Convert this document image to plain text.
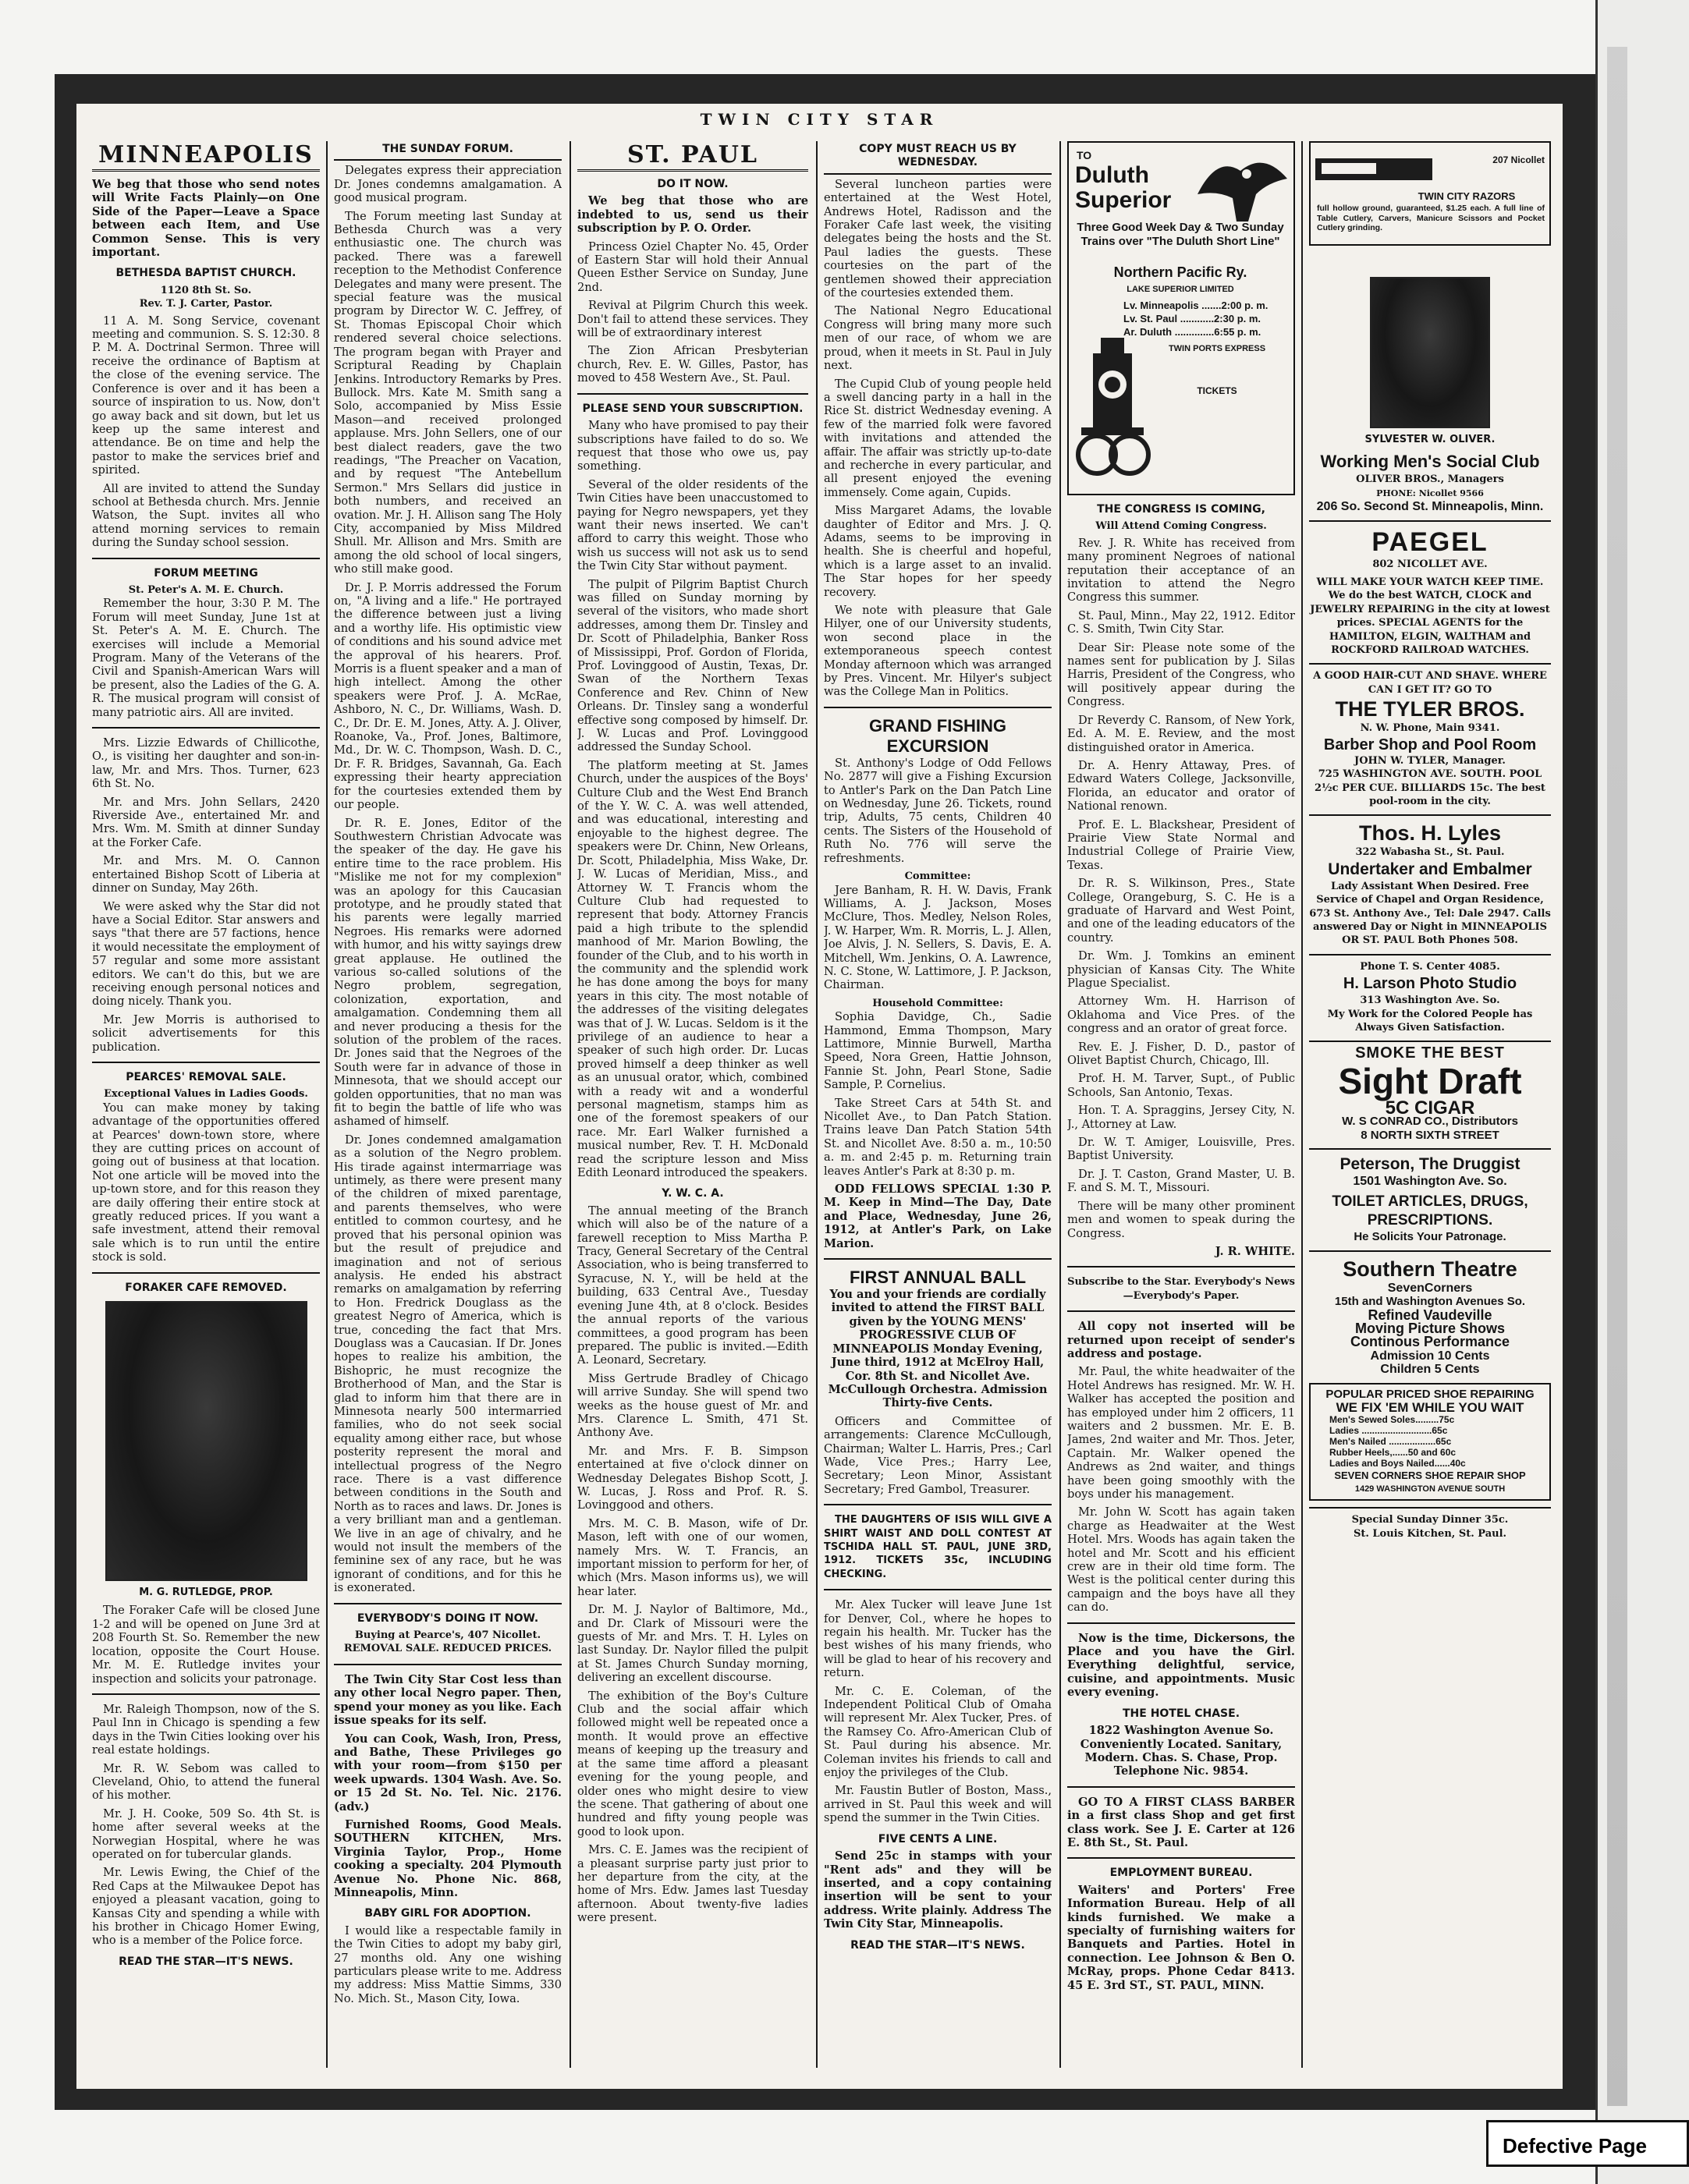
TWIN CITY STAR
MINNEAPOLIS

We beg that those who send notes will Write Facts Plainly—on One Side of the Paper—Leave a Space between each Item, and Use Common Sense. This is very important.

BETHESDA BAPTIST CHURCH.
1120 8th St. So.
Rev. T. J. Carter, Pastor.

11 A. M. Song Service, covenant meeting and communion. S. S. 12:30. 8 P. M. A. Doctrinal Sermon. Three will receive the ordinance of Baptism at the close of the evening service. The Conference is over and it has been a source of inspiration to us. Now, don't go away back and sit down, but let us keep up the same interest and attendance. Be on time and help the pastor to make the services brief and spirited.

All are invited to attend the Sunday school at Bethesda church. Mrs. Jennie Watson, the Supt. invites all who attend morning services to remain during the Sunday school session.

FORUM MEETING
St. Peter's A. M. E. Church.

Remember the hour, 3:30 P. M. The Forum will meet Sunday, June 1st at St. Peter's A. M. E. Church. The exercises will include a Memorial Program. Many of the Veterans of the Civil and Spanish-American Wars will be present, also the Ladies of the G. A. R. The musical program will consist of many patriotic airs. All are invited.

Mrs. Lizzie Edwards of Chillicothe, O., is visiting her daughter and son-in-law, Mr. and Mrs. Thos. Turner, 623 6th St. No.

Mr. and Mrs. John Sellars, 2420 Riverside Ave., entertained Mr. and Mrs. Wm. M. Smith at dinner Sunday at the Forker Cafe.

Mr. and Mrs. M. O. Cannon entertained Bishop Scott of Liberia at dinner on Sunday, May 26th.

We were asked why the Star did not have a Social Editor. Star answers and says "that there are 57 factions, hence it would necessitate the employment of 57 regular and some more assistant editors. We can't do this, but we are receiving enough personal notices and doing nicely. Thank you.

Mr. Jew Morris is authorised to solicit advertisements for this publication.

PEARCES' REMOVAL SALE.
Exceptional Values in Ladies Goods.

You can make money by taking advantage of the opportunities offered at Pearces' down-town store, where they are cutting prices on account of going out of business at that location. Not one article will be moved into the up-town store, and for this reason they are daily offering their entire stock at greatly reduced prices. If you want a safe investment, attend their removal sale which is to run until the entire stock is sold.

FORAKER CAFE REMOVED.
M. G. RUTLEDGE, PROP.

The Foraker Cafe will be closed June 1-2 and will be opened on June 3rd at 208 Fourth St. So. Remember the new location, opposite the Court House. Mr. M. E. Rutledge invites your inspection and solicits your patronage.

Mr. Raleigh Thompson, now of the S. Paul Inn in Chicago is spending a few days in the Twin Cities looking over his real estate holdings.

Mr. R. W. Sebom was called to Cleveland, Ohio, to attend the funeral of his mother.

Mr. J. H. Cooke, 509 So. 4th St. is home after several weeks at the Norwegian Hospital, where he was operated on for tubercular glands.

Mr. Lewis Ewing, the Chief of the Red Caps at the Milwaukee Depot has enjoyed a pleasant vacation, going to Kansas City and spending a while with his brother in Chicago Homer Ewing, who is a member of the Police force.

READ THE STAR—IT'S NEWS.
THE SUNDAY FORUM.

Delegates express their appreciation Dr. Jones condemns amalgamation. A good musical program.

The Forum meeting last Sunday at Bethesda Church was a very enthusiastic one. The church was packed. There was a farewell reception to the Methodist Conference Delegates and many were present. The special feature was the musical program by Director W. C. Jeffrey, of St. Thomas Episcopal Choir which rendered several choice selections. The program began with Prayer and Scriptural Reading by Chaplain Jenkins. Introductory Remarks by Pres. Bullock. Mrs. Kate M. Smith sang a Solo, accompanied by Miss Essie Mason—and received prolonged applause. Mrs. John Sellers, one of our best dialect readers, gave the two readings, "The Preacher on Vacation, and by request "The Antebellum Sermon." Mrs Sellars did justice in both numbers, and received an ovation. Mr. J. H. Allison sang The Holy City, accompanied by Miss Mildred Shull. Mr. Allison and Mrs. Smith are among the old school of local singers, who still make good.

Dr. J. P. Morris addressed the Forum on, "A living and a life." He portrayed the difference between just a living and a worthy life. His optimistic view of conditions and his sound advice met the approval of his hearers. Prof. Morris is a fluent speaker and a man of high intellect. Among the other speakers were Prof. J. A. McRae, Ashboro, N. C., Dr. Williams, Wash. D. C., Dr. Dr. E. M. Jones, Atty. A. J. Oliver, Roanoke, Va., Prof. Jones, Baltimore, Md., Dr. W. C. Thompson, Wash. D. C., Dr. F. R. Bridges, Savannah, Ga. Each expressing their hearty appreciation for the courtesies extended them by our people.

Dr. R. E. Jones, Editor of the Southwestern Christian Advocate was the speaker of the day. He gave his entire time to the race problem. His "Mislike me not for my complexion" was an apology for this Caucasian prototype, and he proudly stated that his parents were legally married Negroes. His remarks were adorned with humor, and his witty sayings drew great applause. He outlined the various so-called solutions of the Negro problem, segregation, colonization, exportation, and amalgamation. Condemning them all and never producing a thesis for the solution of the problem of the races. Dr. Jones said that the Negroes of the South were far in advance of those in Minnesota, that we should accept our golden opportunities, that no man was fit to begin the battle of life who was ashamed of himself.

Dr. Jones condemned amalgamation as a solution of the Negro problem. His tirade against intermarriage was untimely, as there were present many of the children of mixed parentage, and parents themselves, who were entitled to common courtesy, and he proved that his personal opinion was but the result of prejudice and imagination and not of serious analysis. He ended his abstract remarks on amalgamation by referring to Hon. Fredrick Douglass as the greatest Negro of America, which is true, conceding the fact that Mrs. Douglass was a Caucasian. If Dr. Jones hopes to realize his ambition, the Bishopric, he must recognize the Brotherhood of Man, and the Star is glad to inform him that there are in Minnesota nearly 500 intermarried families, who do not seek social equality among either race, but whose posterity represent the moral and intellectual progress of the Negro race. There is a vast difference between conditions in the South and North as to races and laws. Dr. Jones is a very brilliant man and a gentleman. We live in an age of chivalry, and he would not insult the members of the feminine sex of any race, but he was ignorant of conditions, and for this he is exonerated.

EVERYBODY'S DOING IT NOW.
Buying at Pearce's, 407 Nicollet. REMOVAL SALE. REDUCED PRICES.

The Twin City Star Cost less than any other local Negro paper. Then, spend your money as you like. Each issue speaks for its self.

You can Cook, Wash, Iron, Press, and Bathe, These Privileges go with your room—from $150 per week upwards. 1304 Wash. Ave. So. or 15 2d St. No. Tel. Nic. 2176. (adv.)

Furnished Rooms, Good Meals. SOUTHERN KITCHEN, Mrs. Virginia Taylor, Prop., Home cooking a specialty. 204 Plymouth Avenue No. Phone Nic. 868, Minneapolis, Minn.

BABY GIRL FOR ADOPTION.

I would like a respectable family in the Twin Cities to adopt my baby girl, 27 months old. Any one wishing particulars please write to me. Address my address: Miss Mattie Simms, 330 No. Mich. St., Mason City, Iowa.

ST. PAUL
DO IT NOW.

We beg that those who are indebted to us, send us their subscription by P. O. Order.

Princess Oziel Chapter No. 45, Order of Eastern Star will hold their Annual Queen Esther Service on Sunday, June 2nd.

Revival at Pilgrim Church this week. Don't fail to attend these services. They will be of extraordinary interest

The Zion African Presbyterian church, Rev. E. W. Gilles, Pastor, has moved to 458 Western Ave., St. Paul.

PLEASE SEND YOUR SUBSCRIPTION.

Many who have promised to pay their subscriptions have failed to do so. We request that those who owe us, pay something.

Several of the older residents of the Twin Cities have been unaccustomed to paying for Negro newspapers, yet they want their news inserted. We can't afford to carry this weight. Those who wish us success will not ask us to send the Twin City Star without payment.

The pulpit of Pilgrim Baptist Church was filled on Sunday morning by several of the visitors, who made short addresses, among them Dr. Tinsley and Dr. Scott of Philadelphia, Banker Ross of Mississippi, Prof. Gordon of Florida, Prof. Lovinggood of Austin, Texas, Dr. Swan of the Northern Texas Conference and Rev. Chinn of New Orleans. Dr. Tinsley sang a wonderful effective song composed by himself. Dr. J. W. Lucas and Prof. Lovinggood addressed the Sunday School.

The platform meeting at St. James Church, under the auspices of the Boys' Culture Club and the West End Branch of the Y. W. C. A. was well attended, and was educational, interesting and enjoyable to the highest degree. The speakers were Dr. Chinn, New Orleans, Dr. Scott, Philadelphia, Miss Wake, Dr. J. W. Lucas of Meridian, Miss., and Attorney W. T. Francis whom the Culture Club had requested to represent that body. Attorney Francis paid a high tribute to the splendid manhood of Mr. Marion Bowling, the founder of the Club, and to his worth in the community and the splendid work he has done among the boys for many years in this city. The most notable of the addresses of the visiting delegates was that of J. W. Lucas. Seldom is it the privilege of an audience to hear a speaker of such high order. Dr. Lucas proved himself a deep thinker as well as an unusual orator, which, combined with a ready wit and a wonderful personal magnetism, stamps him as one of the foremost speakers of our race. Mr. Earl Walker furnished a musical number, Rev. T. H. McDonald read the scripture lesson and Miss Edith Leonard introduced the speakers.

Y. W. C. A.

The annual meeting of the Branch which will also be of the nature of a farewell reception to Miss Martha P. Tracy, General Secretary of the Central Association, who is being transferred to Syracuse, N. Y., will be held at the building, 633 Central Ave., Tuesday evening June 4th, at 8 o'clock. Besides the annual reports of the various committees, a good program has been prepared. The public is invited.—Edith A. Leonard, Secretary.

Miss Gertrude Bradley of Chicago will arrive Sunday. She will spend two weeks as the house guest of Mr. and Mrs. Clarence L. Smith, 471 St. Anthony Ave.

Mr. and Mrs. F. B. Simpson entertained at five o'clock dinner on Wednesday Delegates Bishop Scott, J. W. Lucas, J. Ross and Prof. R. S. Lovinggood and others.

Mrs. M. C. B. Mason, wife of Dr. Mason, left with one of our women, namely Mrs. W. T. Francis, an important mission to perform for her, of which (Mrs. Mason informs us), we will hear later.

Dr. M. J. Naylor of Baltimore, Md., and Dr. Clark of Missouri were the guests of Mr. and Mrs. T. H. Lyles on last Sunday. Dr. Naylor filled the pulpit at St. James Church Sunday morning, delivering an excellent discourse.

The exhibition of the Boy's Culture Club and the social affair which followed might well be repeated once a month. It would prove an effective means of keeping up the treasury and at the same time afford a pleasant evening for the young people, and older ones who might desire to view the scene. That gathering of about one hundred and fifty young people was good to look upon.

Mrs. C. E. James was the recipient of a pleasant surprise party just prior to her departure from the city, at the home of Mrs. Edw. James last Tuesday afternoon. About twenty-five ladies were present.

COPY MUST REACH US BY WEDNESDAY.

Several luncheon parties were entertained at the West Hotel, Andrews Hotel, Radisson and the Foraker Cafe last week, the visiting delegates being the hosts and the St. Paul ladies the guests. These courtesies on the part of the gentlemen showed their appreciation of the courtesies extended them.

The National Negro Educational Congress will bring many more such men of our race, of whom we are proud, when it meets in St. Paul in July next.

The Cupid Club of young people held a swell dancing party in a hall in the Rice St. district Wednesday evening. A few of the married folk were favored with invitations and attended the affair. The affair was strictly up-to-date and recherche in every particular, and all present enjoyed the evening immensely. Come again, Cupids.

Miss Margaret Adams, the lovable daughter of Editor and Mrs. J. Q. Adams, seems to be improving in health. She is cheerful and hopeful, which is a large asset to an invalid. The Star hopes for her speedy recovery.

We note with pleasure that Gale Hilyer, one of our University students, won second place in the extemporaneous speech contest Monday afternoon which was arranged by Pres. Vincent. Mr. Hilyer's subject was the College Man in Politics.

GRAND FISHING EXCURSION

St. Anthony's Lodge of Odd Fellows No. 2877 will give a Fishing Excursion to Antler's Park on the Dan Patch Line on Wednesday, June 26. Tickets, round trip, Adults, 75 cents, Children 40 cents. The Sisters of the Household of Ruth No. 776 will serve the refreshments.

Committee:

Jere Banham, R. H. W. Davis, Frank Williams, A. J. Jackson, Moses McClure, Thos. Medley, Nelson Roles, J. W. Harper, Wm. R. Morris, L. J. Allen, Joe Alvis, J. N. Sellers, S. Davis, E. A. Mitchell, Wm. Jenkins, O. A. Lawrence, N. C. Stone, W. Lattimore, J. P. Jackson, Chairman.

Household Committee:

Sophia Davidge, Ch., Sadie Hammond, Emma Thompson, Mary Lattimore, Minnie Burwell, Martha Speed, Nora Green, Hattie Johnson, Fannie St. John, Pearl Stone, Sadie Sample, P. Cornelius.

Take Street Cars at 54th St. and Nicollet Ave., to Dan Patch Station. Trains leave Dan Patch Station 54th St. and Nicollet Ave. 8:50 a. m., 10:50 a. m. and 2:45 p. m. Returning train leaves Antler's Park at 8:30 p. m.

ODD FELLOWS SPECIAL 1:30 P. M. Keep in Mind—The Day, Date and Place, Wednesday, June 26, 1912, at Antler's Park, on Lake Marion.

FIRST ANNUAL BALL

You and your friends are cordially invited to attend the FIRST BALL given by the YOUNG MENS' PROGRESSIVE CLUB OF MINNEAPOLIS Monday Evening, June third, 1912 at McElroy Hall, Cor. 8th St. and Nicollet Ave. McCullough Orchestra. Admission Thirty-five Cents.

Officers and Committee of arrangements: Clarence McCullough, Chairman; Walter L. Harris, Pres.; Carl Wade, Vice Pres.; Harry Lee, Secretary; Leon Minor, Assistant Secretary; Fred Gambol, Treasurer.

THE DAUGHTERS OF ISIS WILL GIVE A SHIRT WAIST AND DOLL CONTEST AT TSCHIDA HALL ST. PAUL, JUNE 3RD, 1912. TICKETS 35c, INCLUDING CHECKING.

Mr. Alex Tucker will leave June 1st for Denver, Col., where he hopes to regain his health. Mr. Tucker has the best wishes of his many friends, who will be glad to hear of his recovery and return.

Mr. C. E. Coleman, of the Independent Political Club of Omaha will represent Mr. Alex Tucker, Pres. of the Ramsey Co. Afro-American Club of St. Paul during his absence. Mr. Coleman invites his friends to call and enjoy the privileges of the Club.

Mr. Faustin Butler of Boston, Mass., arrived in St. Paul this week and will spend the summer in the Twin Cities.

FIVE CENTS A LINE.

Send 25c in stamps with your "Rent ads" and they will be inserted, and a copy containing insertion will be sent to your address. Write plainly. Address The Twin City Star, Minneapolis.

READ THE STAR—IT'S NEWS.
TO
Duluth Superior
Three Good Week Day & Two Sunday Trains over "The Duluth Short Line"
Northern Pacific Ry.
LAKE SUPERIOR LIMITED
Lv. Minneapolis .......2:00 p. m.
Lv. St. Paul ............2:30 p. m.
Ar. Duluth ..............6:55 p. m.
TWIN PORTS EXPRESS
TICKETS
THE CONGRESS IS COMING,
Will Attend Coming Congress.

Rev. J. R. White has received from many prominent Negroes of national reputation their acceptance of an invitation to attend the Negro Congress this summer.

St. Paul, Minn., May 22, 1912. Editor C. S. Smith, Twin City Star.

Dear Sir: Please note some of the names sent for publication by J. Silas Harris, President of the Congress, who will positively appear during the Congress.

Dr Reverdy C. Ransom, of New York, Ed. A. M. E. Review, and the most distinguished orator in America.

Dr. A. Henry Attaway, Pres. of Edward Waters College, Jacksonville, Florida, an educator and orator of National renown.

Prof. E. L. Blackshear, President of Prairie View State Normal and Industrial College of Prairie View, Texas.

Dr. R. S. Wilkinson, Pres., State College, Orangeburg, S. C. He is a graduate of Harvard and West Point, and one of the leading educators of the country.

Dr. Wm. J. Tomkins an eminent physician of Kansas City. The White Plague Specialist.

Attorney Wm. H. Harrison of Oklahoma and Vice Pres. of the congress and an orator of great force.

Rev. E. J. Fisher, D. D., pastor of Olivet Baptist Church, Chicago, Ill.

Prof. H. M. Tarver, Supt., of Public Schools, San Antonio, Texas.

Hon. T. A. Spraggins, Jersey City, N. J., Attorney at Law.

Dr. W. T. Amiger, Louisville, Pres. Baptist University.

Dr. J. T. Caston, Grand Master, U. B. F. and S. M. T., Missouri.

There will be many other prominent men and women to speak during the Congress.

J. R. WHITE.
Subscribe to the Star. Everybody's News—Everybody's Paper.

All copy not inserted will be returned upon receipt of sender's address and postage.

Mr. Paul, the white headwaiter of the Hotel Andrews has resigned. Mr. W. H. Walker has accepted the position and has employed under him 2 officers, 11 waiters and 2 bussmen. Mr. E. B. James, 2nd waiter and Mr. Thos. Jeter, Captain. Mr. Walker opened the Andrews as 2nd waiter, and things have been going smoothly with the boys under his management.

Mr. John W. Scott has again taken charge as Headwaiter at the West Hotel. Mrs. Woods has again taken the hotel and Mr. Scott and his efficient crew are in their old time form. The West is the political center during this campaign and the boys have all they can do.

Now is the time, Dickersons, the Place and you have the Girl. Everything delightful, service, cuisine, and appointments. Music every evening.

THE HOTEL CHASE.

1822 Washington Avenue So. Conveniently Located. Sanitary, Modern. Chas. S. Chase, Prop. Telephone Nic. 9854.

GO TO A FIRST CLASS BARBER in a first class Shop and get first class work. See J. E. Carter at 126 E. 8th St., St. Paul.

EMPLOYMENT BUREAU.

Waiters' and Porters' Free Information Bureau. Help of all kinds furnished. We make a specialty of furnishing waiters for Banquets and Parties. Hotel in connection. Lee Johnson & Ben O. McRay, props. Phone Cedar 8413. 45 E. 3rd ST., ST. PAUL, MINN.

207 Nicollet
TWIN CITY RAZORS
full hollow ground, guaranteed, $1.25 each. A full line of Table Cutlery, Carvers, Manicure Scissors and Pocket Cutlery grinding.
SYLVESTER W. OLIVER.
Working Men's Social Club
OLIVER BROS., Managers
PHONE: Nicollet 9566
206 So. Second St. Minneapolis, Minn.
PAEGEL
802 NICOLLET AVE.
WILL MAKE YOUR WATCH KEEP TIME. We do the best WATCH, CLOCK and JEWELRY REPAIRING in the city at lowest prices. SPECIAL AGENTS for the HAMILTON, ELGIN, WALTHAM and ROCKFORD RAILROAD WATCHES.
A GOOD HAIR-CUT AND SHAVE. WHERE CAN I GET IT? GO TO
THE TYLER BROS.
N. W. Phone, Main 9341.
Barber Shop and Pool Room
JOHN W. TYLER, Manager.
725 WASHINGTON AVE. SOUTH. POOL 2½c PER CUE. BILLIARDS 15c. The best pool-room in the city.
Thos. H. Lyles
322 Wabasha St., St. Paul.
Undertaker and Embalmer
Lady Assistant When Desired. Free Service of Chapel and Organ Residence, 673 St. Anthony Ave., Tel: Dale 2947. Calls answered Day or Night in MINNEAPOLIS OR ST. PAUL Both Phones 508.
Phone T. S. Center 4085.
H. Larson Photo Studio
313 Washington Ave. So.
My Work for the Colored People has Always Given Satisfaction.
SMOKE THE BEST
Sight Draft
5C CIGAR
W. S CONRAD CO., Distributors
8 NORTH SIXTH STREET
Peterson, The Druggist
1501 Washington Ave. So.
TOILET ARTICLES, DRUGS, PRESCRIPTIONS.
He Solicits Your Patronage.
Southern Theatre
SevenCorners
15th and Washington Avenues So.
Refined Vaudeville
Moving Picture Shows
Continous Performance
Admission 10 Cents
Children 5 Cents
POPULAR PRICED SHOE REPAIRING
WE FIX 'EM WHILE YOU WAIT
Men's Sewed Soles.........75c
Ladies ...........................65c
Men's Nailed ..................65c
Rubber Heels,......50 and 60c
Ladies and Boys Nailed......40c
SEVEN CORNERS SHOE REPAIR SHOP
1429 WASHINGTON AVENUE SOUTH
Special Sunday Dinner 35c.
St. Louis Kitchen, St. Paul.
Defective Page
